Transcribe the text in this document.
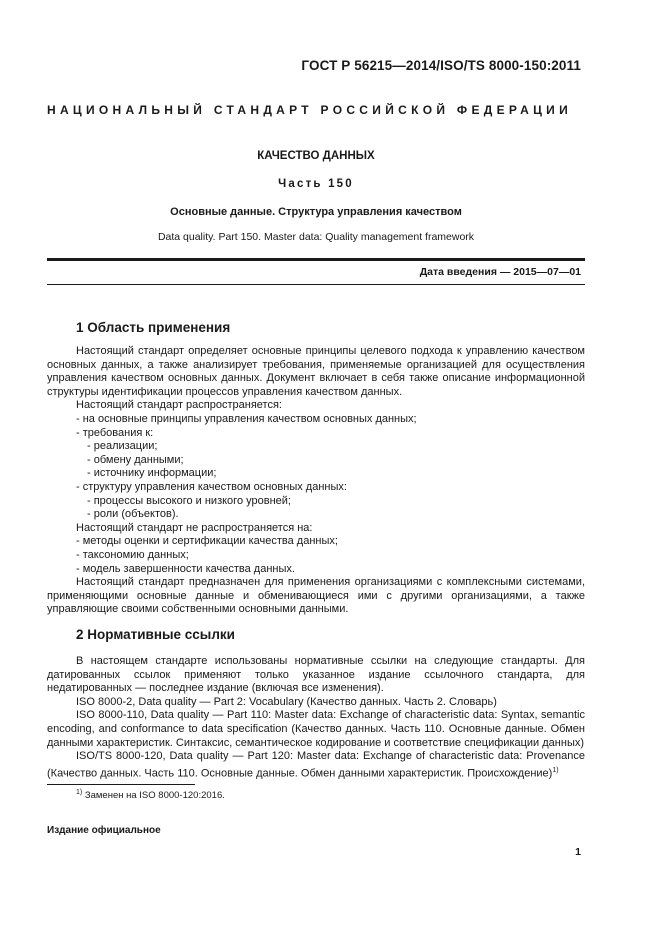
ГОСТ Р 56215—2014/ISO/TS 8000-150:2011
НАЦИОНАЛЬНЫЙ СТАНДАРТ РОССИЙСКОЙ ФЕДЕРАЦИИ
КАЧЕСТВО ДАННЫХ
Часть 150
Основные данные. Структура управления качеством
Data quality. Part 150. Master data: Quality management framework
Дата введения — 2015—07—01
1 Область применения

Настоящий стандарт определяет основные принципы целевого подхода к управлению качеством основных данных, а также анализирует требования, применяемые организацией для осуществления управления качеством основных данных. Документ включает в себя также описание информационной структуры идентификации процессов управления качеством данных.

Настоящий стандарт распространяется:

- на основные принципы управления качеством основных данных;

- требования к:

- реализации;

- обмену данными;

- источнику информации;

- структуру управления качеством основных данных:

- процессы высокого и низкого уровней;

- роли (объектов).

Настоящий стандарт не распространяется на:

- методы оценки и сертификации качества данных;

- таксономию данных;

- модель завершенности качества данных.

Настоящий стандарт предназначен для применения организациями с комплексными системами, применяющими основные данные и обменивающиеся ими с другими организациями, а также управляющие своими собственными основными данными.

2 Нормативные ссылки

В настоящем стандарте использованы нормативные ссылки на следующие стандарты. Для датированных ссылок применяют только указанное издание ссылочного стандарта, для недатированных — последнее издание (включая все изменения).

ISO 8000-2, Data quality — Part 2: Vocabulary (Качество данных. Часть 2. Словарь)

ISO 8000-110, Data quality — Part 110: Master data: Exchange of characteristic data: Syntax, semantic encoding, and conformance to data specification (Качество данных. Часть 110. Основные данные. Обмен данными характеристик. Синтаксис, семантическое кодирование и соответствие спецификации данных)

ISO/TS 8000-120, Data quality — Part 120: Master data: Exchange of characteristic data: Provenance (Качество данных. Часть 110. Основные данные. Обмен данными характеристик. Происхождение)$^{1)}$

$^{1)}$ Заменен на ISO 8000-120:2016.
Издание официальное
1
